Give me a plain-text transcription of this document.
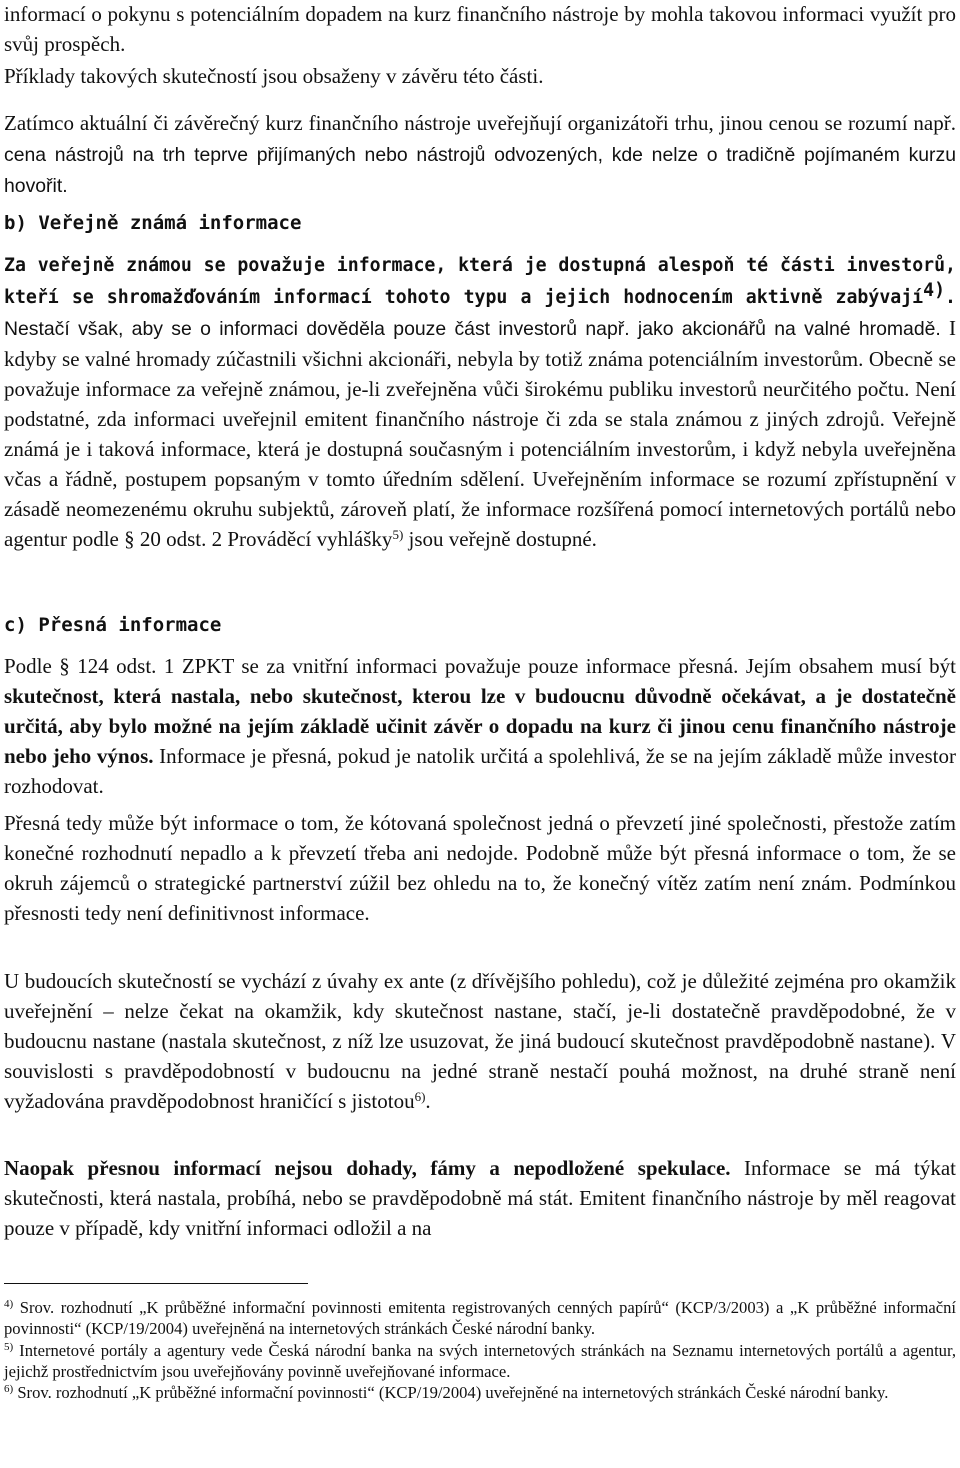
informací o pokynu s potenciálním dopadem na kurz finančního nástroje by mohla takovou informaci využít pro svůj prospěch.

Příklady takových skutečností jsou obsaženy v závěru této části.

Zatímco aktuální či závěrečný kurz finančního nástroje uveřejňují organizátoři trhu, jinou cenou se rozumí např. cena nástrojů na trh teprve přijímaných nebo nástrojů odvozených, kde nelze o tradičně pojímaném kurzu hovořit.

b) Veřejně známá informace

Za veřejně známou se považuje informace, která je dostupná alespoň té části investorů, kteří se shromažďováním informací tohoto typu a jejich hodnocením aktivně zabývají$^{4)}$. Nestačí však, aby se o informaci dověděla pouze část investorů např. jako akcionářů na valné hromadě. I kdyby se valné hromady zúčastnili všichni akcionáři, nebyla by totiž známa potenciálním investorům. Obecně se považuje informace za veřejně známou, je-li zveřejněna vůči širokému publiku investorů neurčitého počtu. Není podstatné, zda informaci uveřejnil emitent finančního nástroje či zda se stala známou z jiných zdrojů. Veřejně známá je i taková informace, která je dostupná současným i potenciálním investorům, i když nebyla uveřejněna včas a řádně, postupem popsaným v tomto úředním sdělení. Uveřejněním informace se rozumí zpřístupnění v zásadě neomezenému okruhu subjektů, zároveň platí, že informace rozšířená pomocí internetových portálů nebo agentur podle § 20 odst. 2 Prováděcí vyhlášky$^{5)}$ jsou veřejně dostupné.

c) Přesná informace

Podle § 124 odst. 1 ZPKT se za vnitřní informaci považuje pouze informace přesná. Jejím obsahem musí být skutečnost, která nastala, nebo skutečnost, kterou lze v budoucnu důvodně očekávat, a je dostatečně určitá, aby bylo možné na jejím základě učinit závěr o dopadu na kurz či jinou cenu finančního nástroje nebo jeho výnos. Informace je přesná, pokud je natolik určitá a spolehlivá, že se na jejím základě může investor rozhodovat.

Přesná tedy může být informace o tom, že kótovaná společnost jedná o převzetí jiné společnosti, přestože zatím konečné rozhodnutí nepadlo a k převzetí třeba ani nedojde. Podobně může být přesná informace o tom, že se okruh zájemců o strategické partnerství zúžil bez ohledu na to, že konečný vítěz zatím není znám. Podmínkou přesnosti tedy není definitivnost informace.

U budoucích skutečností se vychází z úvahy ex ante (z dřívějšího pohledu), což je důležité zejména pro okamžik uveřejnění – nelze čekat na okamžik, kdy skutečnost nastane, stačí, je-li dostatečně pravděpodobné, že v budoucnu nastane (nastala skutečnost, z níž lze usuzovat, že jiná budoucí skutečnost pravděpodobně nastane). V souvislosti s pravděpodobností v budoucnu na jedné straně nestačí pouhá možnost, na druhé straně není vyžadována pravděpodobnost hraničící s jistotou$^{6)}$.

Naopak přesnou informací nejsou dohady, fámy a nepodložené spekulace. Informace se má týkat skutečnosti, která nastala, probíhá, nebo se pravděpodobně má stát. Emitent finančního nástroje by měl reagovat pouze v případě, kdy vnitřní informaci odložil a na

$^{4)}$ Srov. rozhodnutí „K průběžné informační povinnosti emitenta registrovaných cenných papírů“ (KCP/3/2003) a „K průběžné informační povinnosti“ (KCP/19/2004) uveřejněná na internetových stránkách České národní banky.

$^{5)}$ Internetové portály a agentury vede Česká národní banka na svých internetových stránkách na Seznamu internetových portálů a agentur, jejichž prostřednictvím jsou uveřejňovány povinně uveřejňované informace.

$^{6)}$ Srov. rozhodnutí „K průběžné informační povinnosti“ (KCP/19/2004) uveřejněné na internetových stránkách České národní banky.
